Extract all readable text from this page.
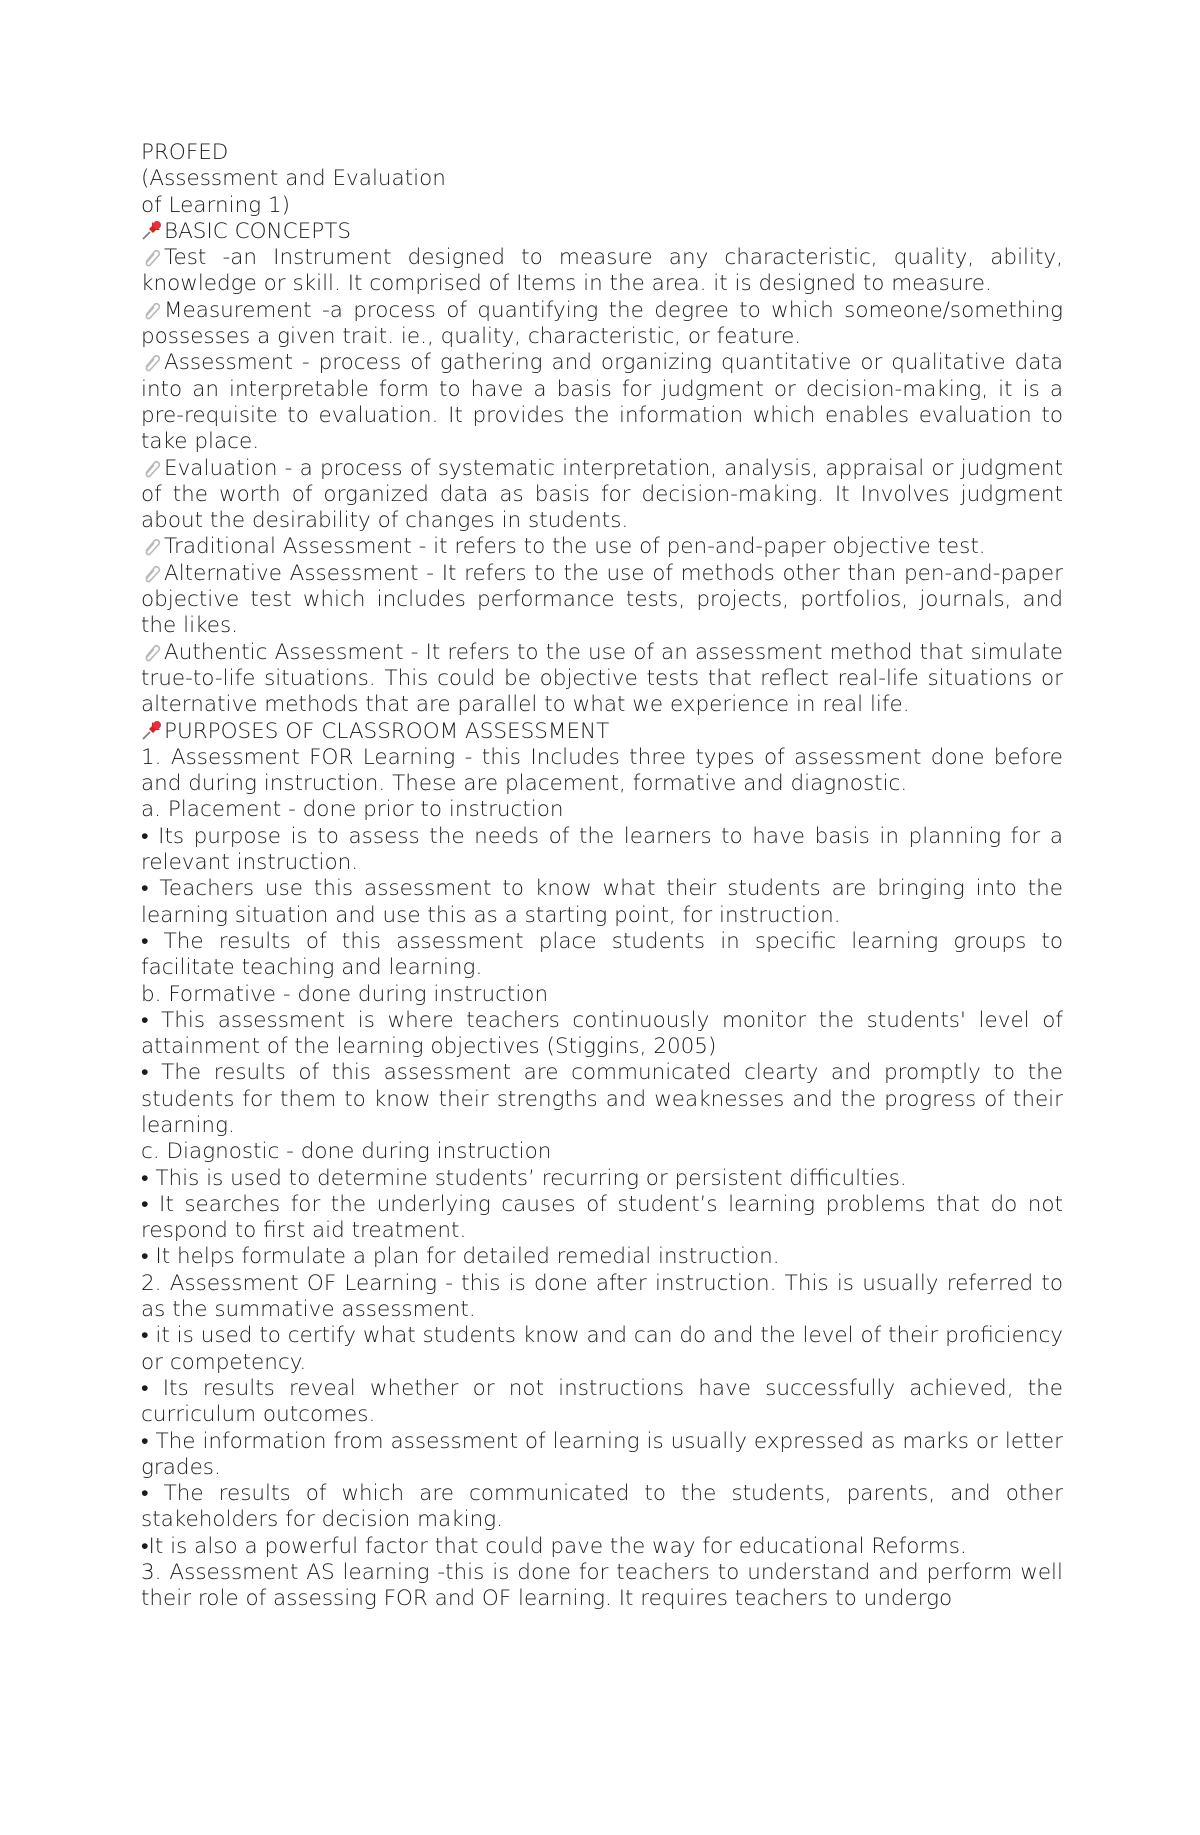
PROFED
(Assessment and Evaluation
of Learning 1)
BASIC CONCEPTS
Test -an Instrument designed to measure any characteristic, quality, ability, knowledge or skill. It comprised of Items in the area. it is designed to measure.
Measurement -a process of quantifying the degree to which someone/something possesses a given trait. ie., quality, characteristic, or feature.
Assessment - process of gathering and organizing quantitative or qualitative data into an interpretable form to have a basis for judgment or decision-making, it is a pre-requisite to evaluation. It provides the information which enables evaluation to take place.
Evaluation - a process of systematic interpretation, analysis, appraisal or judgment of the worth of organized data as basis for decision-making. It Involves judgment about the desirability of changes in students.
Traditional Assessment - it refers to the use of pen-and-paper objective test.
Alternative Assessment - It refers to the use of methods other than pen-and-paper objective test which includes performance tests, projects, portfolios, journals, and the likes.
Authentic Assessment - It refers to the use of an assessment method that simulate true-to-life situations. This could be objective tests that reflect real-life situations or alternative methods that are parallel to what we experience in real life.
PURPOSES OF CLASSROOM ASSESSMENT
1. Assessment FOR Learning - this Includes three types of assessment done before and during instruction. These are placement, formative and diagnostic.
a. Placement - done prior to instruction
• Its purpose is to assess the needs of the learners to have basis in planning for a relevant instruction.
• Teachers use this assessment to know what their students are bringing into the learning situation and use this as a starting point, for instruction.
• The results of this assessment place students in specific learning groups to facilitate teaching and learning.
b. Formative - done during instruction
• This assessment is where teachers continuously monitor the students' level of attainment of the learning objectives (Stiggins, 2005)
• The results of this assessment are communicated clearty and promptly to the students for them to know their strengths and weaknesses and the progress of their learning.
c. Diagnostic - done during instruction
• This is used to determine students’ recurring or persistent difficulties.
• It searches for the underlying causes of student’s learning problems that do not respond to first aid treatment.
• It helps formulate a plan for detailed remedial instruction.
2. Assessment OF Learning - this is done after instruction. This is usually referred to as the summative assessment.
• it is used to certify what students know and can do and the level of their proficiency or competency.
• Its results reveal whether or not instructions have successfully achieved, the curriculum outcomes.
• The information from assessment of learning is usually expressed as marks or letter grades.
• The results of which are communicated to the students, parents, and other stakeholders for decision making.
•It is also a powerful factor that could pave the way for educational Reforms.
3. Assessment AS learning -this is done for teachers to understand and perform well their role of assessing FOR and OF learning. It requires teachers to undergo
